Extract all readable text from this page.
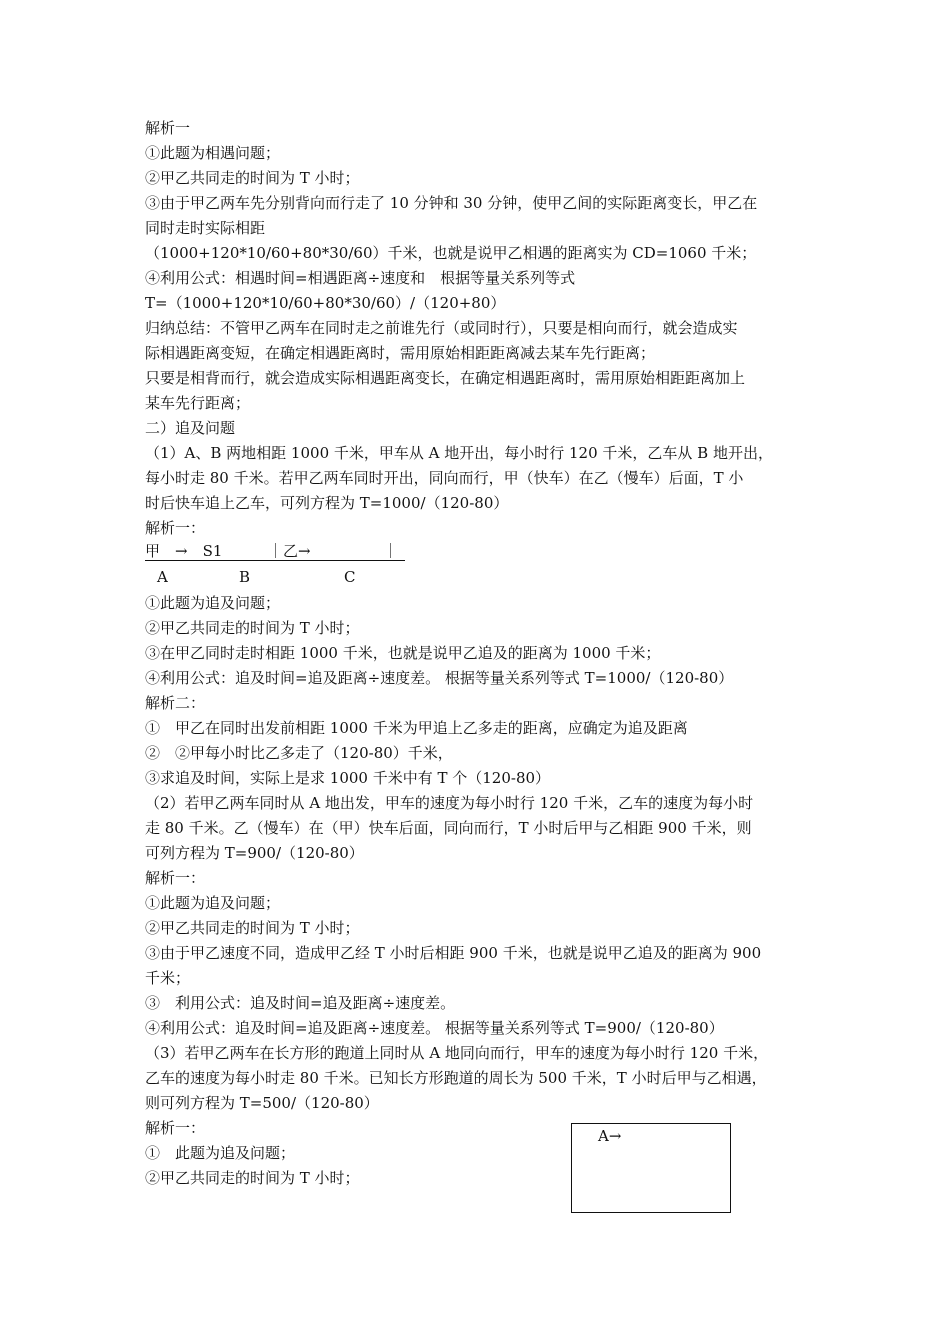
解析一
①此题为相遇问题；
②甲乙共同走的时间为 T 小时；
③由于甲乙两车先分别背向而行走了 10 分钟和 30 分钟，使甲乙间的实际距离变长，甲乙在
同时走时实际相距
（1000+120*10/60+80*30/60）千米，也就是说甲乙相遇的距离实为 CD=1060 千米；
④利用公式：相遇时间=相遇距离÷速度和　根据等量关系列等式
T=（1000+120*10/60+80*30/60）/（120+80）
归纳总结：不管甲乙两车在同时走之前谁先行（或同时行），只要是相向而行，就会造成实
际相遇距离变短，在确定相遇距离时，需用原始相距距离减去某车先行距离；
只要是相背而行，就会造成实际相遇距离变长，在确定相遇距离时，需用原始相距距离加上
某车先行距离；
二）追及问题
（1）A、B 两地相距 1000 千米，甲车从 A 地开出，每小时行 120 千米，乙车从 B 地开出，
每小时走 80 千米。若甲乙两车同时开出，同向而行，甲（快车）在乙（慢车）后面，T 小
时后快车追上乙车，可列方程为 T=1000/（120-80）
解析一：
甲　→　S1	｜乙→	｜
A	B	C
①此题为追及问题；
②甲乙共同走的时间为 T 小时；
③在甲乙同时走时相距 1000 千米，也就是说甲乙追及的距离为 1000 千米；
④利用公式：追及时间=追及距离÷速度差。 根据等量关系列等式 T=1000/（120-80）
解析二：
①　甲乙在同时出发前相距 1000 千米为甲追上乙多走的距离，应确定为追及距离
②　②甲每小时比乙多走了（120-80）千米，
③求追及时间，实际上是求 1000 千米中有 T 个（120-80）
（2）若甲乙两车同时从 A 地出发，甲车的速度为每小时行 120 千米，乙车的速度为每小时
走 80 千米。乙（慢车）在（甲）快车后面，同向而行，T 小时后甲与乙相距 900 千米，则
可列方程为 T=900/（120-80）
解析一：
①此题为追及问题；
②甲乙共同走的时间为 T 小时；
③由于甲乙速度不同，造成甲乙经 T 小时后相距 900 千米，也就是说甲乙追及的距离为 900
千米；
③　利用公式：追及时间=追及距离÷速度差。
④利用公式：追及时间=追及距离÷速度差。 根据等量关系列等式 T=900/（120-80）
（3）若甲乙两车在长方形的跑道上同时从 A 地同向而行，甲车的速度为每小时行 120 千米，
乙车的速度为每小时走 80 千米。已知长方形跑道的周长为 500 千米，T 小时后甲与乙相遇，
则可列方程为 T=500/（120-80）
解析一：
①　此题为追及问题；
②甲乙共同走的时间为 T 小时；
A→
